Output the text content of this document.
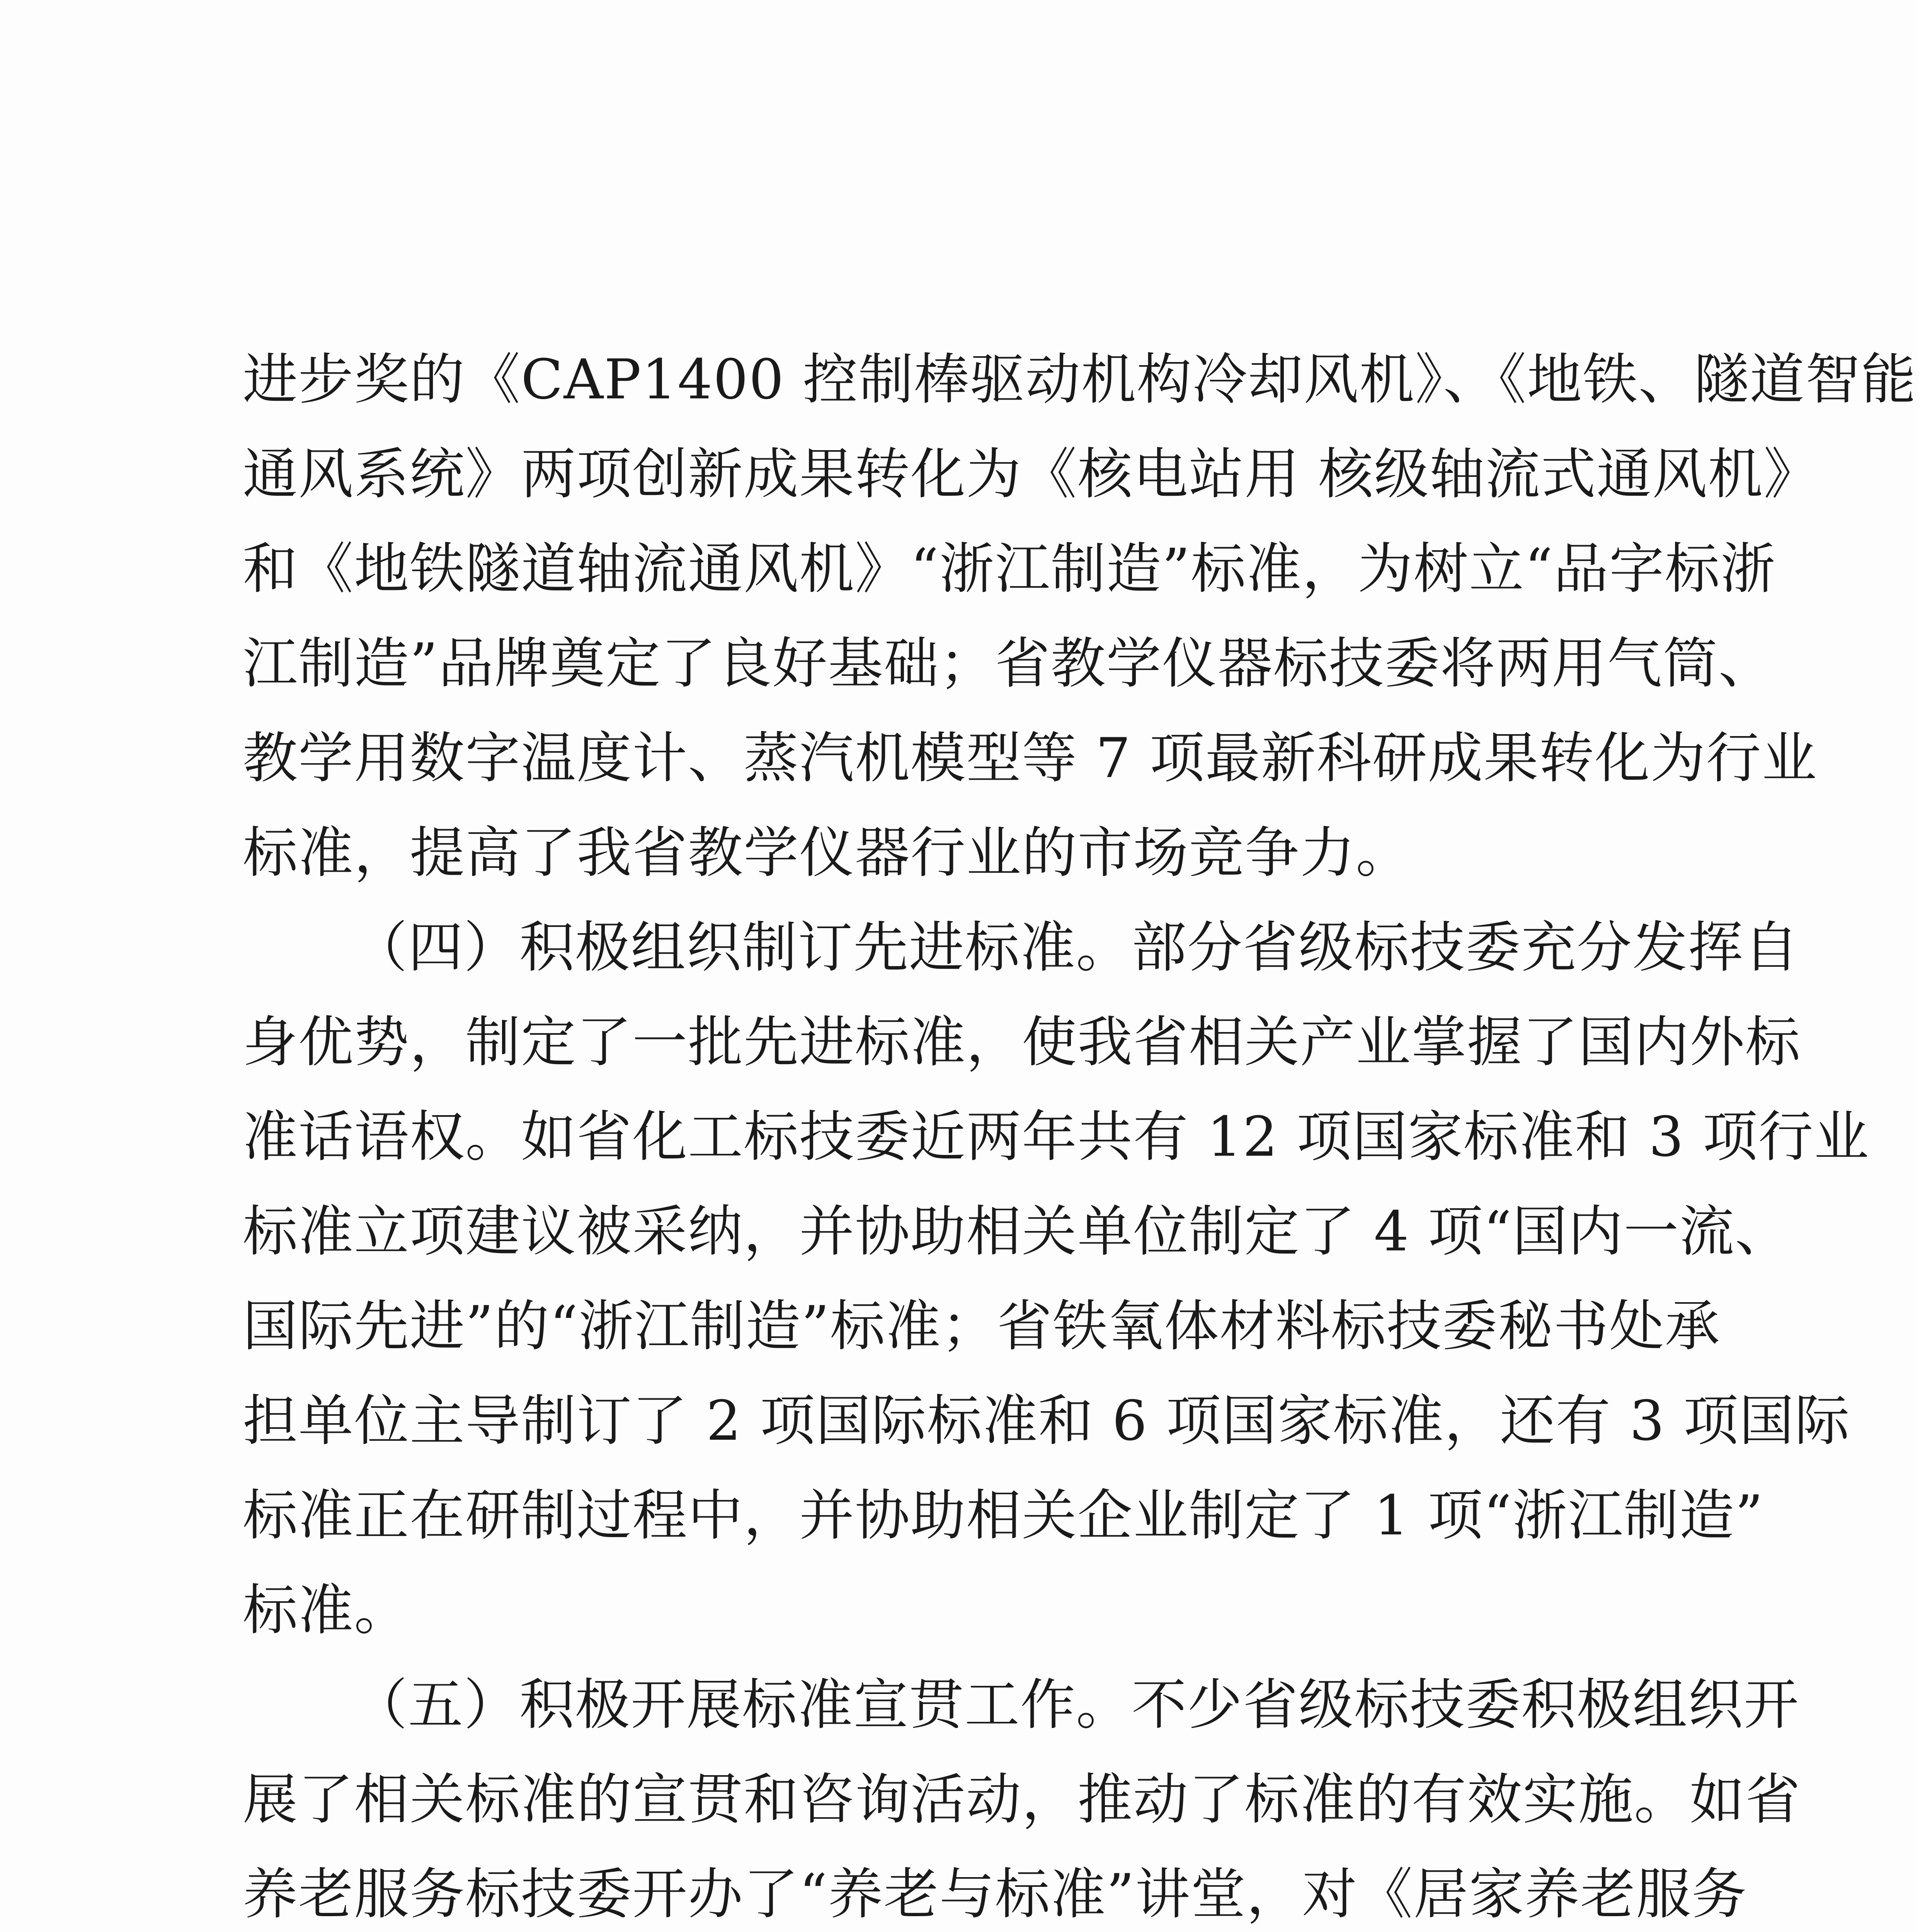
进步奖的《CAP1400 控制棒驱动机构冷却风机》、《地铁、隧道智能
通风系统》两项创新成果转化为《核电站用 核级轴流式通风机》
和《地铁隧道轴流通风机》“浙江制造”标准，为树立“品字标浙
江制造”品牌奠定了良好基础；省教学仪器标技委将两用气筒、
教学用数字温度计、蒸汽机模型等 7 项最新科研成果转化为行业
标准，提高了我省教学仪器行业的市场竞争力。
（四）积极组织制订先进标准。部分省级标技委充分发挥自
身优势，制定了一批先进标准，使我省相关产业掌握了国内外标
准话语权。如省化工标技委近两年共有 12 项国家标准和 3 项行业
标准立项建议被采纳，并协助相关单位制定了 4 项“国内一流、
国际先进”的“浙江制造”标准；省铁氧体材料标技委秘书处承
担单位主导制订了 2 项国际标准和 6 项国家标准，还有 3 项国际
标准正在研制过程中，并协助相关企业制定了 1 项“浙江制造”
标准。
（五）积极开展标准宣贯工作。不少省级标技委积极组织开
展了相关标准的宣贯和咨询活动，推动了标准的有效实施。如省
养老服务标技委开办了“养老与标准”讲堂，对《居家养老服务
